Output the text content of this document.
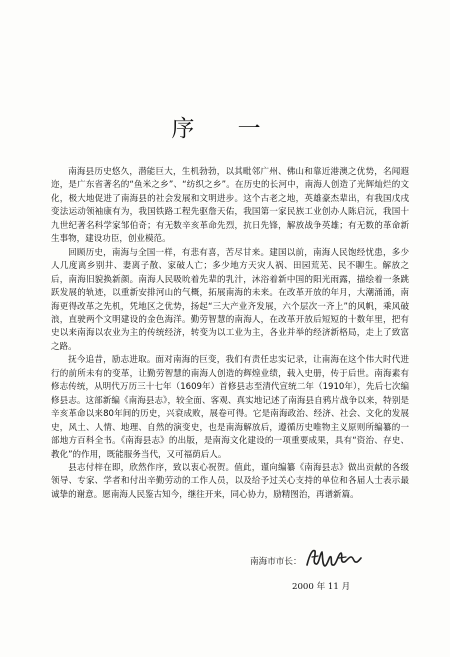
序 一

南海县历史悠久，潜能巨大，生机勃勃，以其毗邻广州、佛山和靠近港澳之优势，名闻遐迩，是广东省著名的“鱼米之乡”、“纺织之乡”。在历史的长河中，南海人创造了光辉灿烂的文化，极大地促进了南海县的社会发展和文明进步。这个古老之地，英雄豪杰辈出，有我国戊戌变法运动领袖康有为，我国铁路工程先驱詹天佑，我国第一家民族工业创办人陈启沅，我国十九世纪著名科学家邹伯奇；有无数辛亥革命先烈，抗日先锋，解放战争英雄；有无数的革命新生事物，建设功臣，创业模范。

回顾历史，南海与全国一样，有悲有喜，苦尽甘来。建国以前，南海人民饱经忧患，多少人几度离乡别井、妻离子散、家破人亡；多少地方天灾人祸、田园荒芜、民不聊生。解放之后，南海旧貌换新颜。南海人民吸吮着先辈的乳汁，沐浴着新中国的阳光雨露，描绘着一条跳跃发展的轨迹，以重新安排河山的气概，拓展南海的未来。在改革开放的年月，大潮涌涌，南海更得改革之先机，凭地区之优势，扬起“三大产业齐发展，六个层次一齐上”的风帆，乘风破浪，直驶两个文明建设的金色海洋。勤劳智慧的南海人，在改革开放后短短的十数年里，把有史以来南海以农业为主的传统经济，转变为以工业为主，各业并举的经济新格局，走上了致富之路。

抚今追昔，励志进取。面对南海的巨变，我们有责任忠实记录，让南海在这个伟大时代进行的前所未有的变革，让勤劳智慧的南海人创造的辉煌业绩，载入史册，传于后世。南海素有修志传统，从明代万历三十七年（1609年）首修县志至清代宣统二年（1910年），先后七次编修县志。这部新编《南海县志》，较全面、客观、真实地记述了南海县自鸦片战争以来，特别是辛亥革命以来80年间的历史，兴衰成败，展卷可得。它是南海政治、经济、社会、文化的发展史，风土、人情、地理、自然的演变史，也是南海解放后，遵循历史唯物主义原则所编纂的一部地方百科全书。《南海县志》的出版，是南海文化建设的一项重要成果，具有“资治、存史、教化”的作用，既能服务当代，又可福荫后人。

县志付梓在即，欣然作序，致以衷心祝贺。值此，谨向编纂《南海县志》做出贡献的各级领导、专家、学者和付出辛勤劳动的工作人员，以及给予过关心支持的单位和各届人士表示最诚挚的谢意。愿南海人民鉴古知今，继往开来，同心协力，励精图治，再谱新篇。

南海市市长：
2000 年 11 月
